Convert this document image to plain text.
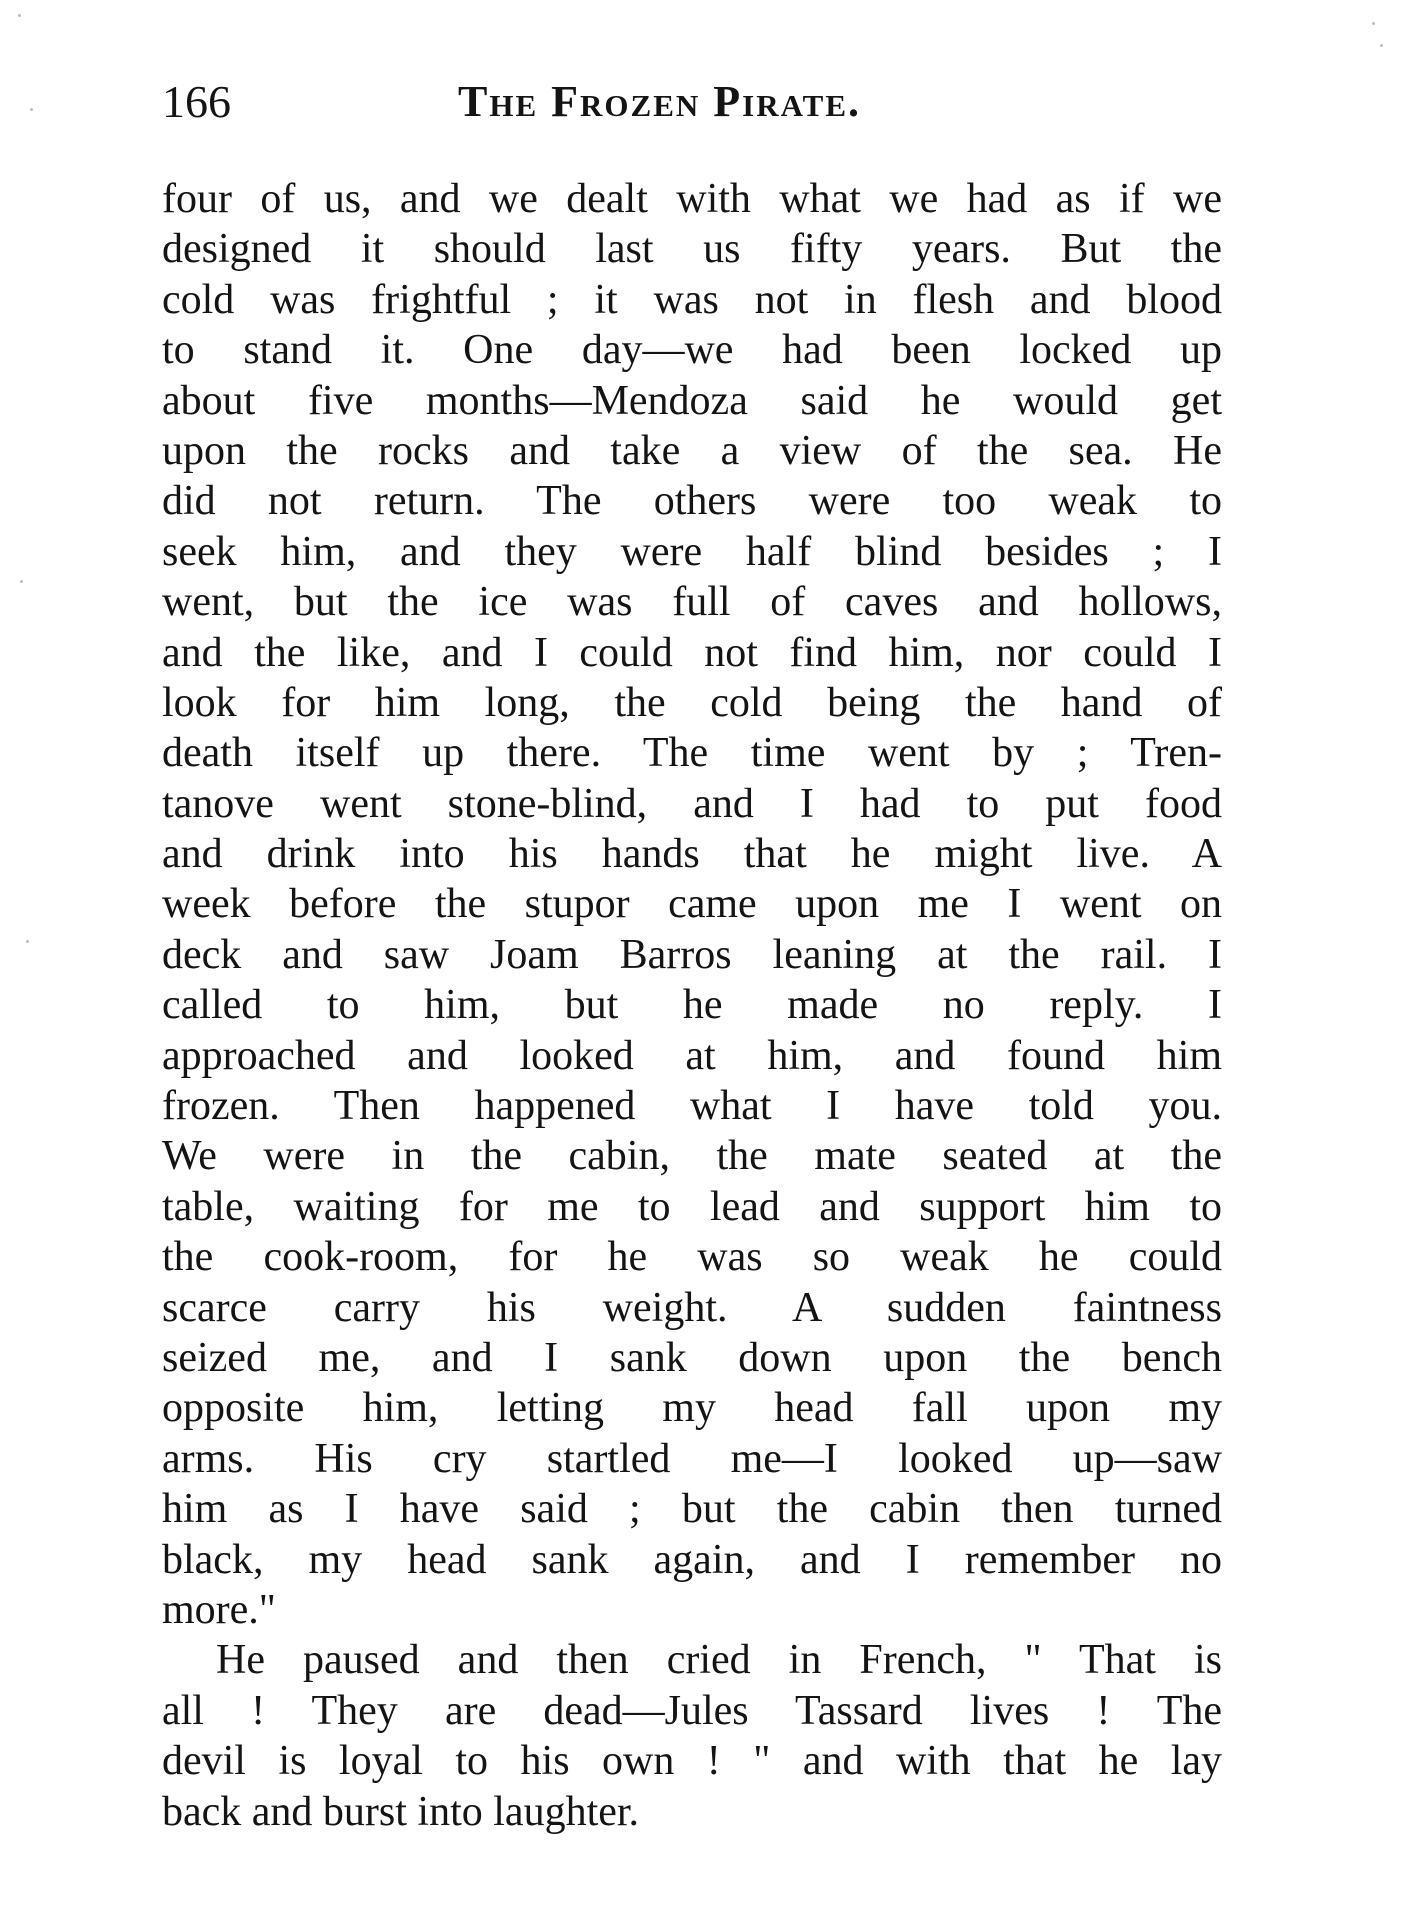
166	The Frozen Pirate.
four of us, and we dealt with what we had as if we
designed it should last us fifty years. But the
cold was frightful ; it was not in flesh and blood
to stand it. One day—we had been locked up
about five months—Mendoza said he would get
upon the rocks and take a view of the sea. He
did not return. The others were too weak to
seek him, and they were half blind besides ; I
went, but the ice was full of caves and hollows,
and the like, and I could not find him, nor could I
look for him long, the cold being the hand of
death itself up there. The time went by ; Tren-
tanove went stone-blind, and I had to put food
and drink into his hands that he might live. A
week before the stupor came upon me I went on
deck and saw Joam Barros leaning at the rail. I
called to him, but he made no reply. I
approached and looked at him, and found him
frozen. Then happened what I have told you.
We were in the cabin, the mate seated at the
table, waiting for me to lead and support him to
the cook-room, for he was so weak he could
scarce carry his weight. A sudden faintness
seized me, and I sank down upon the bench
opposite him, letting my head fall upon my
arms. His cry startled me—I looked up—saw
him as I have said ; but the cabin then turned
black, my head sank again, and I remember no
more."
He paused and then cried in French, " That is
all ! They are dead—Jules Tassard lives ! The
devil is loyal to his own ! " and with that he lay
back and burst into laughter.
